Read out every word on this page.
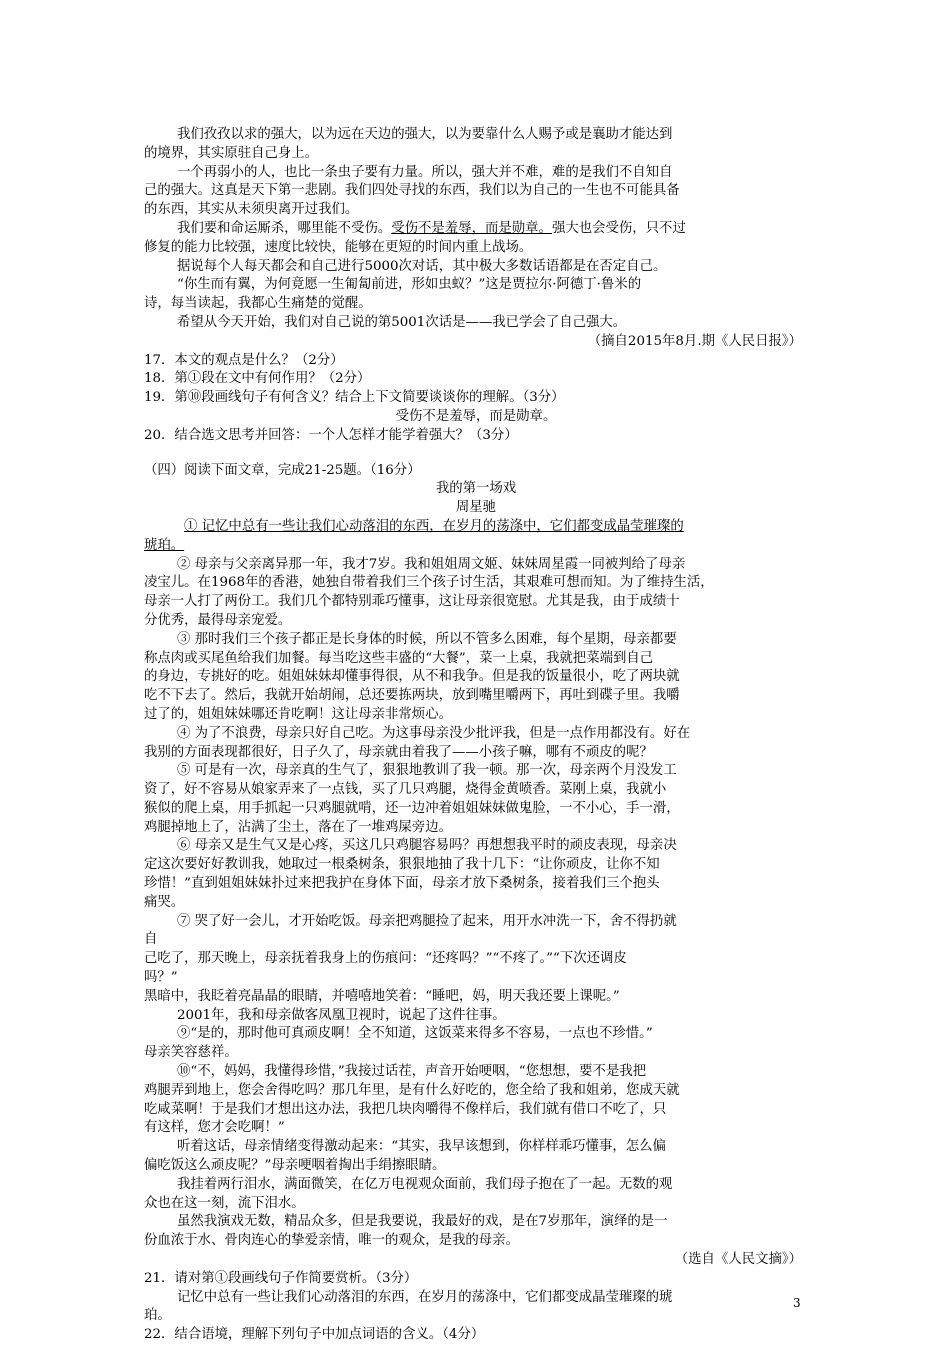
我们孜孜以求的强大，以为远在天边的强大，以为要靠什么人赐予或是襄助才能达到
的境界，其实原驻自己身上。
一个再弱小的人，也比一条虫子要有力量。所以，强大并不难，难的是我们不自知自
己的强大。这真是天下第一悲剧。我们四处寻找的东西，我们以为自己的一生也不可能具备
的东西，其实从未须臾离开过我们。
我们要和命运厮杀，哪里能不受伤。受伤不是羞辱，而是勋章。强大也会受伤，只不过
修复的能力比较强，速度比较快，能够在更短的时间内重上战场。
据说每个人每天都会和自己进行5000次对话，其中极大多数话语都是在否定自己。
“你生而有翼，为何竟愿一生匍匐前进，形如虫蚁？”这是贾拉尔·阿德丁·鲁米的
诗，每当读起，我都心生痛楚的觉醒。
希望从今天开始，我们对自己说的第5001次话是——我已学会了自己强大。
（摘自2015年8月.期《人民日报》）
17．本文的观点是什么？（2分）
18．第①段在文中有何作用？（2分）
19．第⑩段画线句子有何含义？结合上下文简要谈谈你的理解。（3分）
受伤不是羞辱，而是勋章。
20．结合选文思考并回答：一个人怎样才能学着强大？（3分）
（四）阅读下面文章，完成21-25题。（16分）
我的第一场戏
周星驰
① 记忆中总有一些让我们心动落泪的东西，在岁月的荡涤中，它们都变成晶莹璀璨的
琥珀。
② 母亲与父亲离异那一年，我才7岁。我和姐姐周文姬、妹妹周星霞一同被判给了母亲
凌宝儿。在1968年的香港，她独自带着我们三个孩子讨生活，其艰难可想而知。为了维持生活，
母亲一人打了两份工。我们几个都特别乖巧懂事，这让母亲很宽慰。尤其是我，由于成绩十
分优秀，最得母亲宠爱。
③ 那时我们三个孩子都正是长身体的时候，所以不管多么困难，每个星期，母亲都要
称点肉或买尾鱼给我们加餐。每当吃这些丰盛的“大餐”，菜一上桌，我就把菜端到自己
的身边，专挑好的吃。姐姐妹妹却懂事得很，从不和我争。但是我的饭量很小，吃了两块就
吃不下去了。然后，我就开始胡闹，总还要拣两块，放到嘴里嚼两下，再吐到碟子里。我嚼
过了的，姐姐妹妹哪还肯吃啊！这让母亲非常烦心。
④ 为了不浪费，母亲只好自己吃。为这事母亲没少批评我，但是一点作用都没有。好在
我别的方面表现都很好，日子久了，母亲就由着我了——小孩子嘛，哪有不顽皮的呢？
⑤ 可是有一次，母亲真的生气了，狠狠地教训了我一顿。那一次，母亲两个月没发工
资了，好不容易从娘家弄来了一点钱，买了几只鸡腿，烧得金黄喷香。菜刚上桌，我就小
猴似的爬上桌，用手抓起一只鸡腿就啃，还一边冲着姐姐妹妹做鬼脸，一不小心，手一滑，
鸡腿掉地上了，沾满了尘土，落在了一堆鸡屎旁边。
⑥ 母亲又是生气又是心疼，买这几只鸡腿容易吗？再想想我平时的顽皮表现，母亲决
定这次要好好教训我，她取过一根桑树条，狠狠地抽了我十几下：“让你顽皮，让你不知
珍惜！”直到姐姐妹妹扑过来把我护在身体下面，母亲才放下桑树条，接着我们三个抱头
痛哭。
⑦ 哭了好一会儿，才开始吃饭。母亲把鸡腿捡了起来，用开水冲洗一下，舍不得扔就
自
己吃了，那天晚上，母亲抚着我身上的伤痕问：“还疼吗？”“不疼了。”“下次还调皮
吗？”
黑暗中，我眨着亮晶晶的眼睛，并嘻嘻地笑着：“睡吧，妈，明天我还要上课呢。”
2001年，我和母亲做客凤凰卫视时，说起了这件往事。
⑨“是的，那时他可真顽皮啊！全不知道，这饭菜来得多不容易，一点也不珍惜。”
母亲笑容慈祥。
⑩“不，妈妈，我懂得珍惜，”我接过话茬，声音开始哽咽，“您想想，要不是我把
鸡腿弄到地上，您会舍得吃吗？那几年里，是有什么好吃的，您全给了我和姐弟，您成天就
吃咸菜啊！于是我们才想出这办法，我把几块肉嚼得不像样后，我们就有借口不吃了，只
有这样，您才会吃啊！”
听着这话，母亲情绪变得激动起来：“其实，我早该想到，你样样乖巧懂事，怎么偏
偏吃饭这么顽皮呢？”母亲哽咽着掏出手绢擦眼睛。
我挂着两行泪水，满面微笑，在亿万电视观众面前，我们母子抱在了一起。无数的观
众也在这一刻，流下泪水。
虽然我演戏无数，精品众多，但是我要说，我最好的戏，是在7岁那年，演绎的是一
份血浓于水、骨肉连心的挚爱亲情，唯一的观众，是我的母亲。
（选自《人民文摘》）
21．请对第①段画线句子作简要赏析。（3分）
记忆中总有一些让我们心动落泪的东西，在岁月的荡涤中，它们都变成晶莹璀璨的琥
珀。
22．结合语境，理解下列句子中加点词语的含义。（4分）
3
